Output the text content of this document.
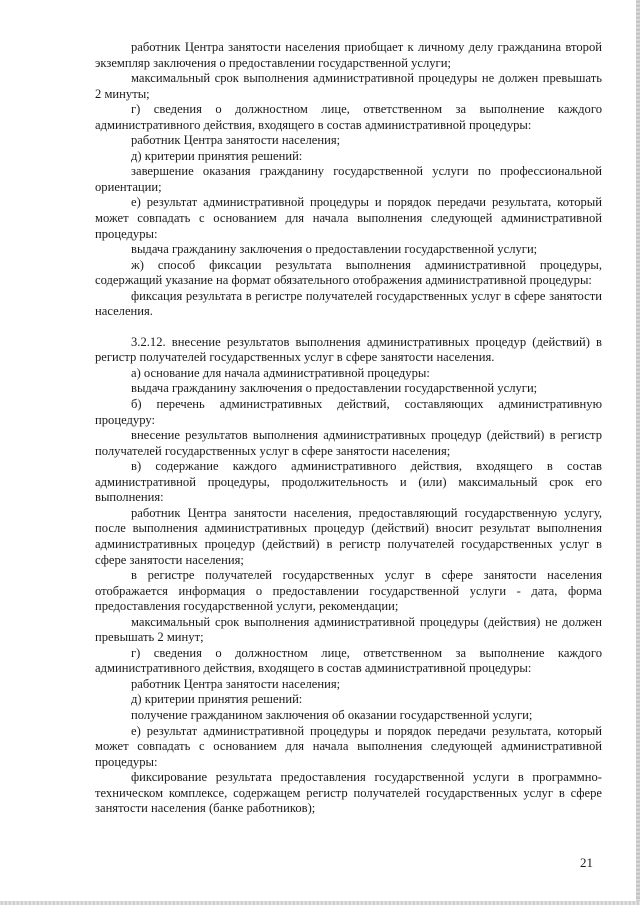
работник Центра занятости населения приобщает к личному делу гражданина второй экземпляр заключения о предоставлении государственной услуги;

максимальный срок выполнения административной процедуры не должен превышать 2 минуты;

г) сведения о должностном лице, ответственном за выполнение каждого административного действия, входящего в состав административной процедуры:

работник Центра занятости населения;

д) критерии принятия решений:

завершение оказания гражданину государственной услуги по профессиональной ориентации;

е) результат административной процедуры и порядок передачи результата, который может совпадать с основанием для начала выполнения следующей административной процедуры:

выдача гражданину заключения о предоставлении государственной услуги;

ж) способ фиксации результата выполнения административной процедуры, содержащий указание на формат обязательного отображения административной процедуры:

фиксация результата в регистре получателей государственных услуг в сфере занятости населения.

3.2.12. внесение результатов выполнения административных процедур (действий) в регистр получателей государственных услуг в сфере занятости населения.

а) основание для начала административной процедуры:

выдача гражданину заключения о предоставлении государственной услуги;

б) перечень административных действий, составляющих административную процедуру:

внесение результатов выполнения административных процедур (действий) в регистр получателей государственных услуг в сфере занятости населения;

в) содержание каждого административного действия, входящего в состав административной процедуры, продолжительность и (или) максимальный срок его выполнения:

работник Центра занятости населения, предоставляющий государственную услугу, после выполнения административных процедур (действий) вносит результат выполнения административных процедур (действий) в регистр получателей государственных услуг в сфере занятости населения;

в регистре получателей государственных услуг в сфере занятости населения отображается информация о предоставлении государственной услуги - дата, форма предоставления государственной услуги, рекомендации;

максимальный срок выполнения административной процедуры (действия) не должен превышать 2 минут;

г) сведения о должностном лице, ответственном за выполнение каждого административного действия, входящего в состав административной процедуры:

работник Центра занятости населения;

д) критерии принятия решений:

получение гражданином заключения об оказании государственной услуги;

е) результат административной процедуры и порядок передачи результата, который может совпадать с основанием для начала выполнения следующей административной процедуры:

фиксирование результата предоставления государственной услуги в программно-техническом комплексе, содержащем регистр получателей государственных услуг в сфере занятости населения (банке работников);

21
